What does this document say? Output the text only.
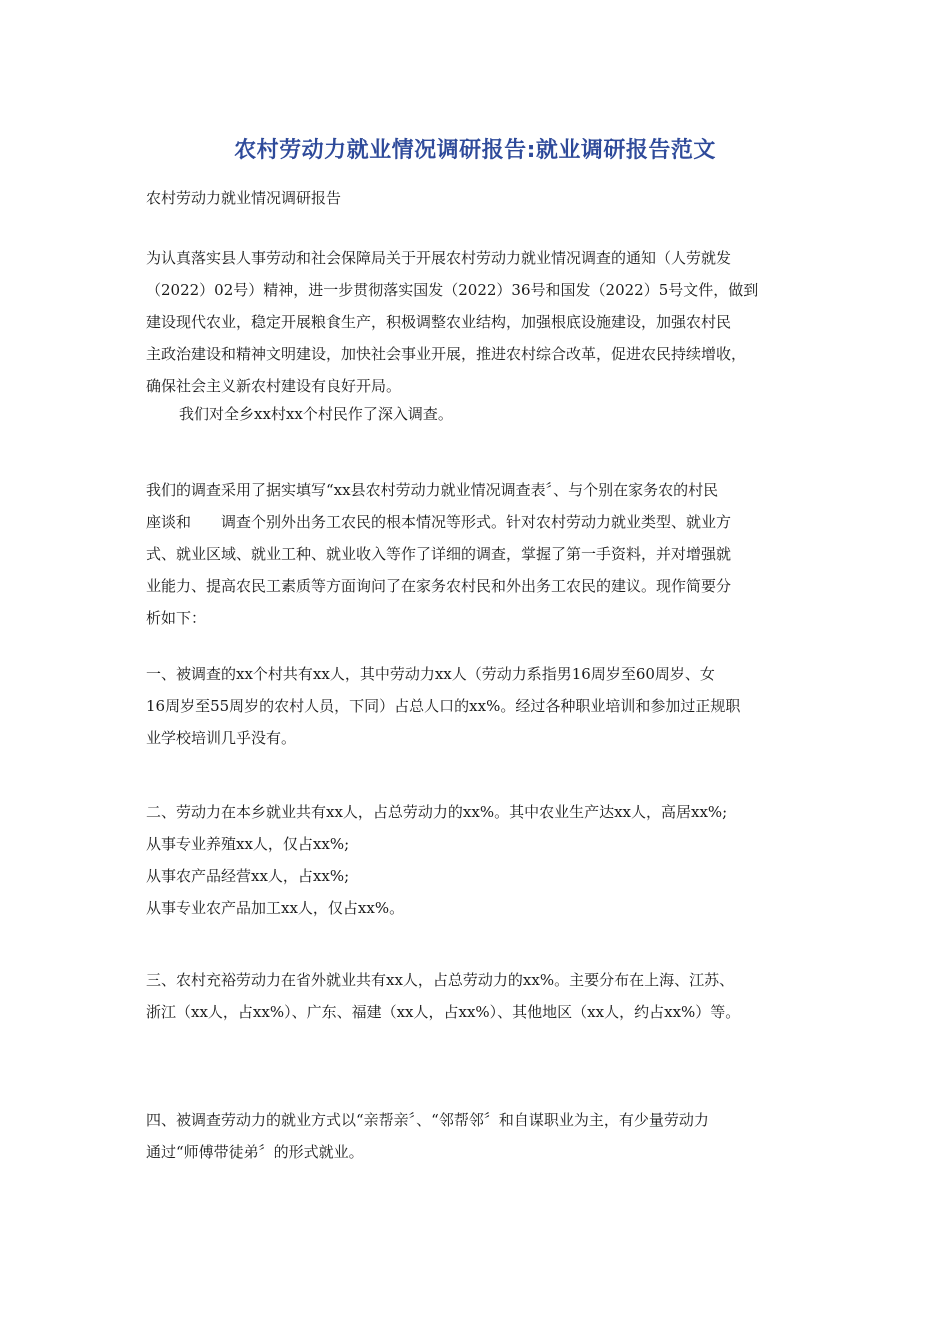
农村劳动力就业情况调研报告:就业调研报告范文

农村劳动力就业情况调研报告

为认真落实县人事劳动和社会保障局关于开展农村劳动力就业情况调查的通知（人劳就发
（2022）02号）精神，进一步贯彻落实国发（2022）36号和国发（2022）5号文件，做到
建设现代农业，稳定开展粮食生产，积极调整农业结构，加强根底设施建设，加强农村民
主政治建设和精神文明建设，加快社会事业开展，推进农村综合改革，促进农民持续增收，
确保社会主义新农村建设有良好开局。

我们对全乡xx村xx个村民作了深入调查。

我们的调查采用了据实填写“xx县农村劳动力就业情况调查表〞、与个别在家务农的村民
座谈和　　调查个别外出务工农民的根本情况等形式。针对农村劳动力就业类型、就业方
式、就业区域、就业工种、就业收入等作了详细的调查，掌握了第一手资料，并对增强就
业能力、提高农民工素质等方面询问了在家务农村民和外出务工农民的建议。现作简要分
析如下：

一、被调查的xx个村共有xx人，其中劳动力xx人（劳动力系指男16周岁至60周岁、女
16周岁至55周岁的农村人员，下同）占总人口的xx%。经过各种职业培训和参加过正规职
业学校培训几乎没有。

二、劳动力在本乡就业共有xx人，占总劳动力的xx%。其中农业生产达xx人，高居xx%;
从事专业养殖xx人，仅占xx%;
从事农产品经营xx人，占xx%;
从事专业农产品加工xx人，仅占xx%。

三、农村充裕劳动力在省外就业共有xx人，占总劳动力的xx%。主要分布在上海、江苏、
浙江（xx人，占xx%）、广东、福建（xx人，占xx%）、其他地区（xx人，约占xx%）等。

四、被调查劳动力的就业方式以“亲帮亲〞、“邻帮邻〞和自谋职业为主，有少量劳动力
通过“师傅带徒弟〞的形式就业。
